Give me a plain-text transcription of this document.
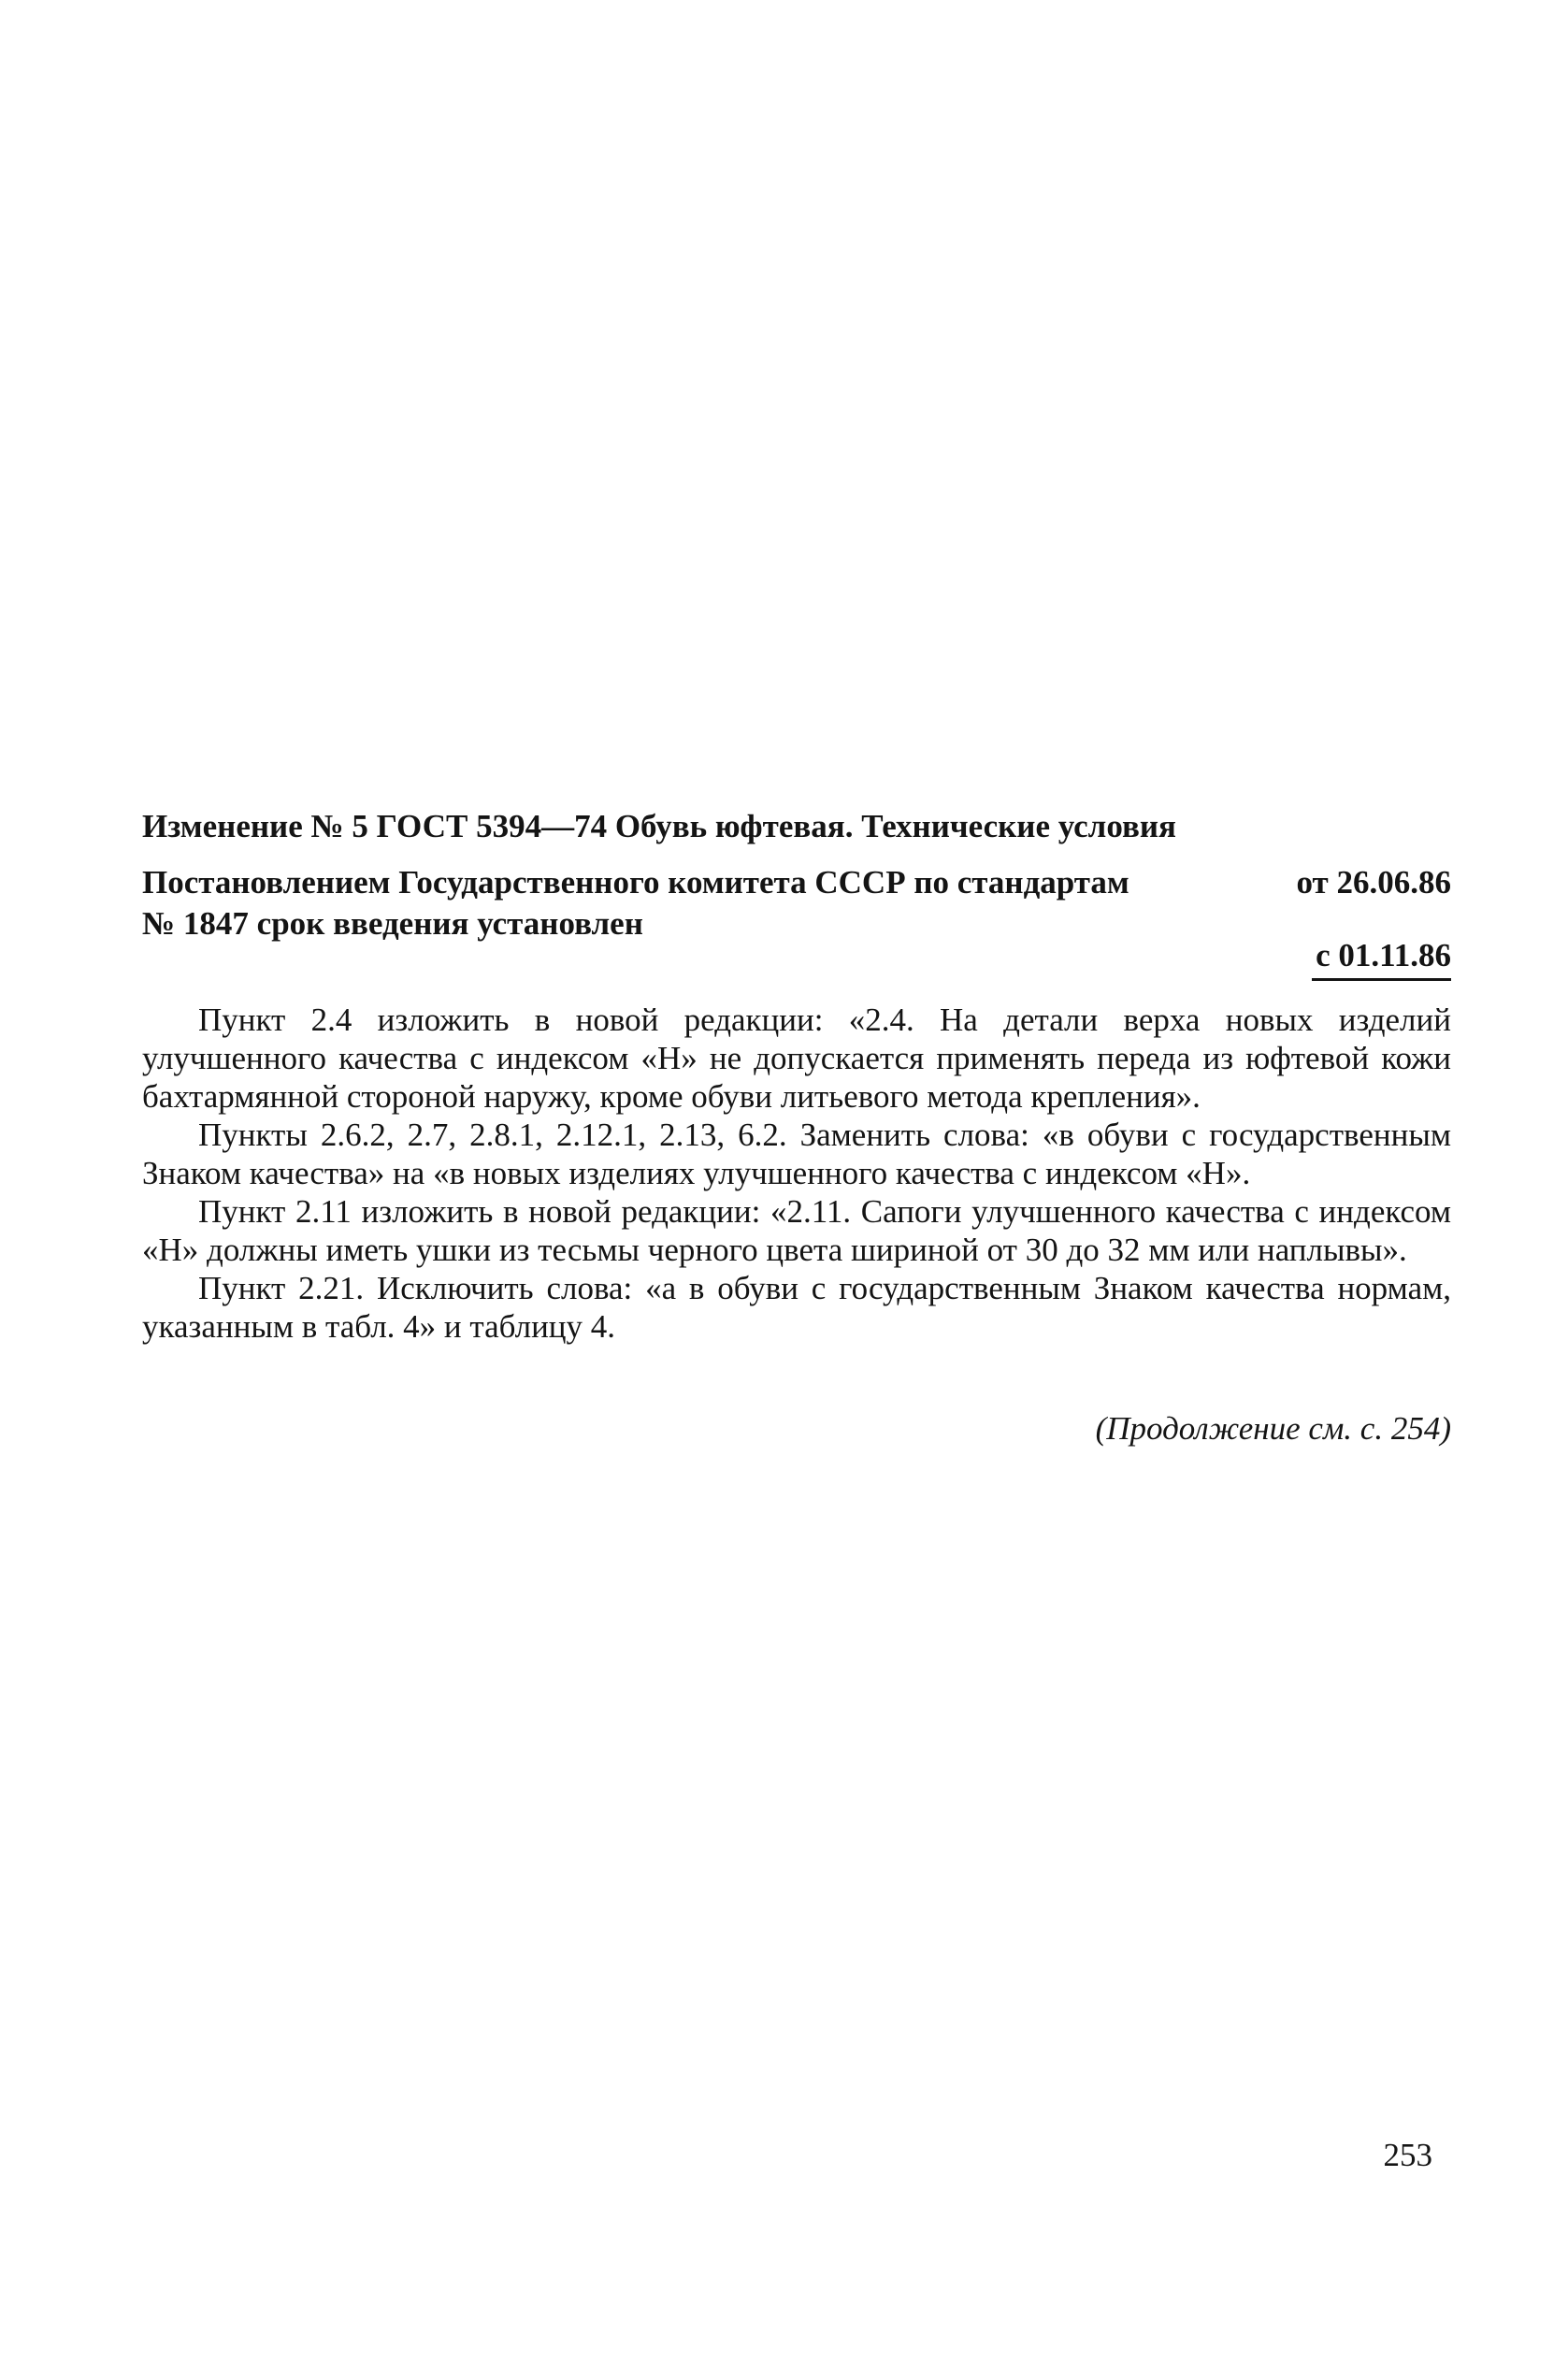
Изменение № 5 ГОСТ 5394—74 Обувь юфтевая. Технические условия
Постановлением Государственного комитета СССР по стандартам	от 26.06.86
№ 1847 срок введения установлен
с 01.11.86

Пункт 2.4 изложить в новой редакции: «2.4. На детали верха новых изделий улучшенного качества с индексом «Н» не допускается применять переда из юфтевой кожи бахтармянной стороной наружу, кроме обуви литьевого метода крепления».

Пункты 2.6.2, 2.7, 2.8.1, 2.12.1, 2.13, 6.2. Заменить слова: «в обуви с государственным Знаком качества» на «в новых изделиях улучшенного качества с индексом «Н».

Пункт 2.11 изложить в новой редакции: «2.11. Сапоги улучшенного качества с индексом «Н» должны иметь ушки из тесьмы черного цвета шириной от 30 до 32 мм или наплывы».

Пункт 2.21. Исключить слова: «а в обуви с государственным Знаком качества нормам, указанным в табл. 4» и таблицу 4.

(Продолжение см. с. 254)
253
